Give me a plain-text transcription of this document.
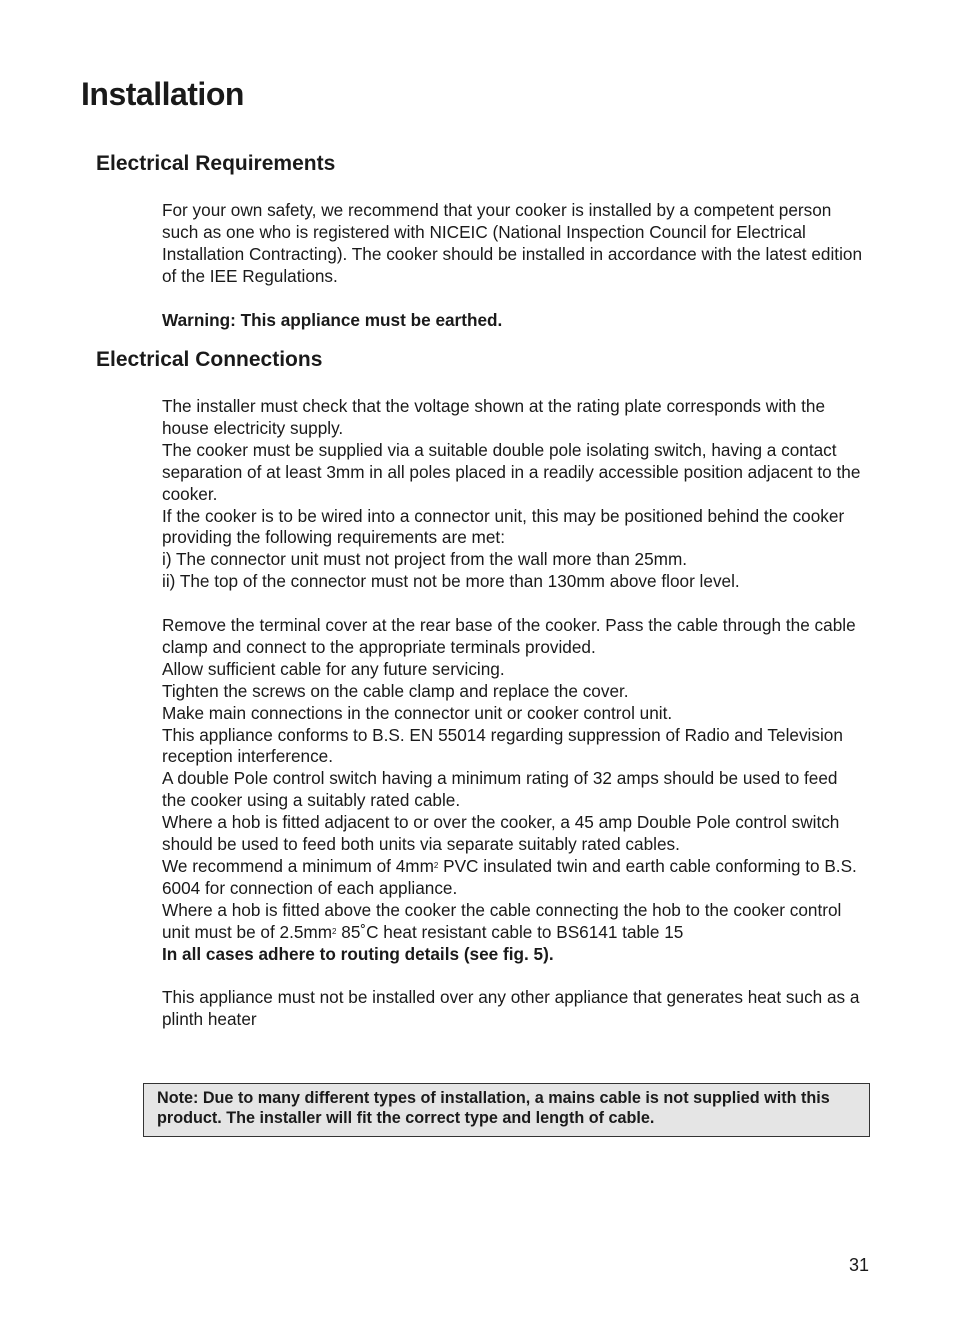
Installation
Electrical Requirements

For your own safety, we recommend that your cooker is installed by a competent person such as one who is registered with NICEIC (National Inspection Council for Electrical Installation Contracting). The cooker should be installed in accordance with the latest edition of the IEE Regulations.

Warning: This appliance must be earthed.

Electrical Connections

The installer must check that the voltage shown at the rating plate corresponds with the house electricity supply.

The cooker must be supplied via a suitable double pole isolating switch, having a contact separation of at least 3mm in all poles placed in a readily accessible position adjacent to the cooker.

If the cooker is to be wired into a connector unit, this may be positioned behind the cooker providing the following requirements are met:

i) The connector unit must not project from the wall more than 25mm.

ii) The top of the connector must not be more than 130mm above floor level.

Remove the terminal cover at the rear base of the cooker. Pass the cable through the cable clamp and connect to the appropriate terminals provided.

Allow sufficient cable for any future servicing.

Tighten the screws on the cable clamp and replace the cover.

Make main connections in the connector unit or cooker control unit.

This appliance conforms to B.S. EN 55014 regarding suppression of Radio and Television reception interference.

A double Pole control switch having a minimum rating of 32 amps should be used to feed the cooker using a suitably rated cable.

Where a hob is fitted adjacent to or over the cooker, a 45 amp Double Pole control switch should be used to feed both units via separate suitably rated cables.

We recommend a minimum of $4mm^2$ PVC insulated twin and earth cable conforming to B.S. 6004 for connection of each appliance.

Where a hob is fitted above the cooker the cable connecting the hob to the cooker control unit must be of $2.5mm^2$ 85˚C heat resistant cable to BS6141 table 15

In all cases adhere to routing details (see fig. 5).

This appliance must not be installed over any other appliance that generates heat such as a plinth heater

Note: Due to many different types of installation, a mains cable is not supplied with this product. The installer will fit the correct type and length of cable.
31
